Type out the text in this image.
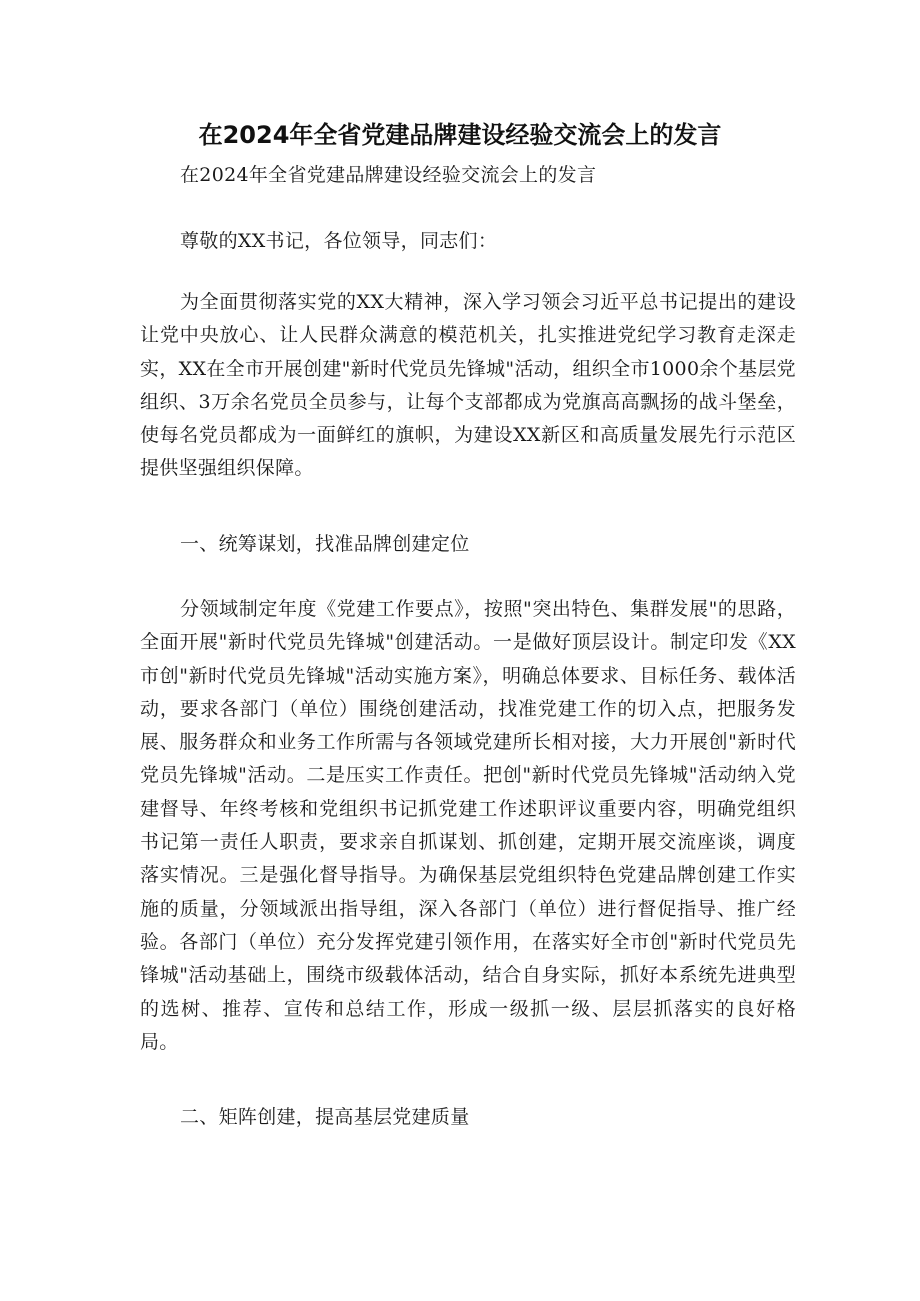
在2024年全省党建品牌建设经验交流会上的发言

在2024年全省党建品牌建设经验交流会上的发言

尊敬的XX书记，各位领导，同志们：

为全面贯彻落实党的XX大精神，深入学习领会习近平总书记提出的建设让党中央放心、让人民群众满意的模范机关，扎实推进党纪学习教育走深走实，XX在全市开展创建"新时代党员先锋城"活动，组织全市1000余个基层党组织、3万余名党员全员参与，让每个支部都成为党旗高高飘扬的战斗堡垒，使每名党员都成为一面鲜红的旗帜，为建设XX新区和高质量发展先行示范区提供坚强组织保障。

一、统筹谋划，找准品牌创建定位

分领域制定年度《党建工作要点》，按照"突出特色、集群发展"的思路，全面开展"新时代党员先锋城"创建活动。一是做好顶层设计。制定印发《XX市创"新时代党员先锋城"活动实施方案》，明确总体要求、目标任务、载体活动，要求各部门（单位）围绕创建活动，找准党建工作的切入点，把服务发展、服务群众和业务工作所需与各领域党建所长相对接，大力开展创"新时代党员先锋城"活动。二是压实工作责任。把创"新时代党员先锋城"活动纳入党建督导、年终考核和党组织书记抓党建工作述职评议重要内容，明确党组织书记第一责任人职责，要求亲自抓谋划、抓创建，定期开展交流座谈，调度落实情况。三是强化督导指导。为确保基层党组织特色党建品牌创建工作实施的质量，分领域派出指导组，深入各部门（单位）进行督促指导、推广经验。各部门（单位）充分发挥党建引领作用，在落实好全市创"新时代党员先锋城"活动基础上，围绕市级载体活动，结合自身实际，抓好本系统先进典型的选树、推荐、宣传和总结工作，形成一级抓一级、层层抓落实的良好格局。

二、矩阵创建，提高基层党建质量
